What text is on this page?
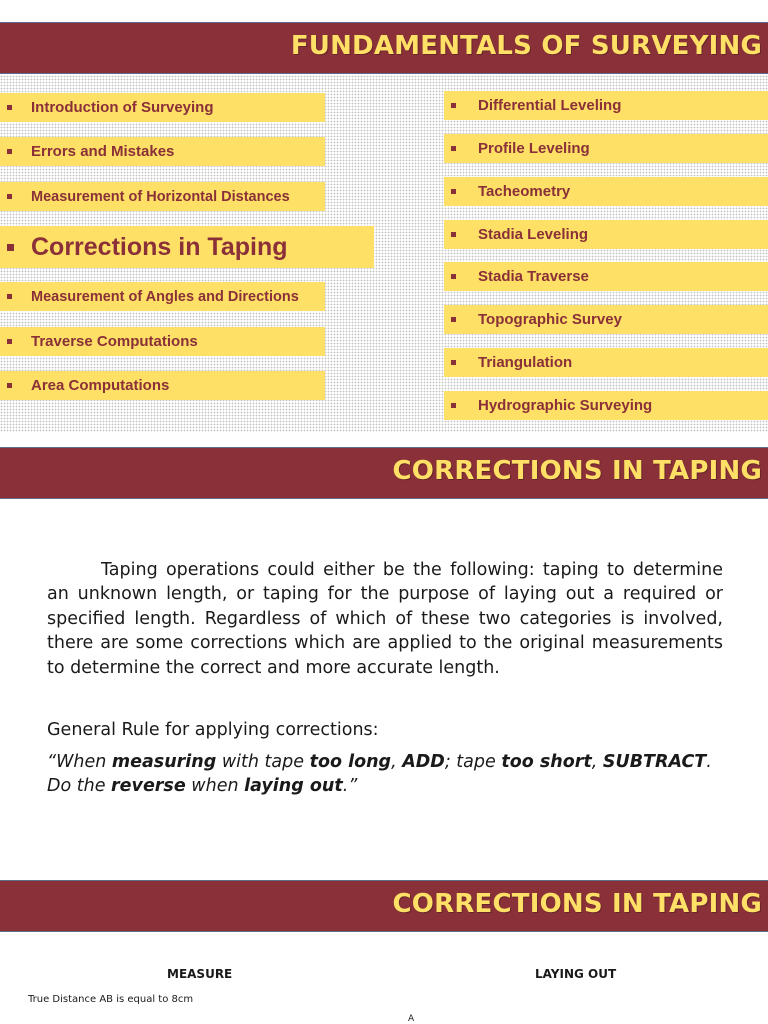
FUNDAMENTALS OF SURVEYING
Introduction of Surveying
Errors and Mistakes
Measurement of Horizontal Distances
Corrections in Taping
Measurement of Angles and Directions
Traverse Computations
Area Computations
Differential Leveling
Profile Leveling
Tacheometry
Stadia Leveling
Stadia Traverse
Topographic Survey
Triangulation
Hydrographic Surveying
CORRECTIONS IN TAPING
Taping operations could either be the following: taping to determine an unknown length, or taping for the purpose of laying out a required or specified length. Regardless of which of these two categories is involved, there are some corrections which are applied to the original measurements to determine the correct and more accurate length.
General Rule for applying corrections:
“When measuring with tape too long, ADD; tape too short, SUBTRACT. Do the reverse when laying out.”
CORRECTIONS IN TAPING
MEASURE	LAYING OUT
True Distance AB is equal to 8cm
A
